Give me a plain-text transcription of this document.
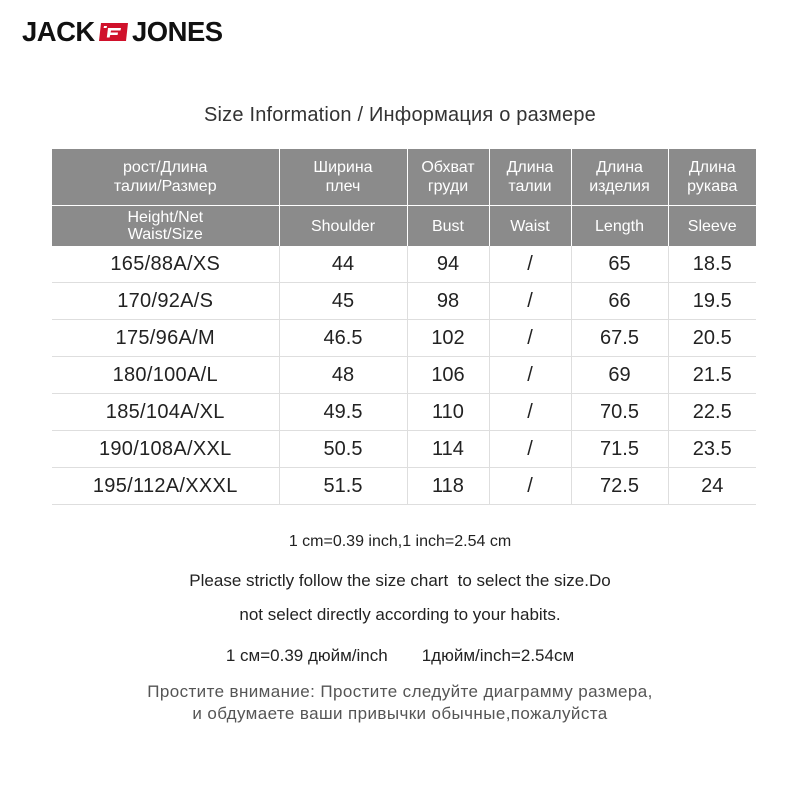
JACK JONES
Size Information / Информация о размере
рост/Длина талии/Размер	Ширина плеч	Обхват груди	Длина талии	Длина изделия	Длина рукава
Height/Net Waist/Size	Shoulder	Bust	Waist	Length	Sleeve
165/88A/XS	44	94	/	65	18.5
170/92A/S	45	98	/	66	19.5
175/96A/M	46.5	102	/	67.5	20.5
180/100A/L	48	106	/	69	21.5
185/104A/XL	49.5	110	/	70.5	22.5
190/108A/XXL	50.5	114	/	71.5	23.5
195/112A/XXXL	51.5	118	/	72.5	24
1 cm=0.39 inch,1 inch=2.54 cm
Please strictly follow the size chart  to select the size.Do
not select directly according to your habits.
1 см=0.39 дюйм/inch 1дюйм/inch=2.54см
Простите внимание: Простите следуйте диаграмму размера,
и обдумаете ваши привычки обычные,пожалуйста
